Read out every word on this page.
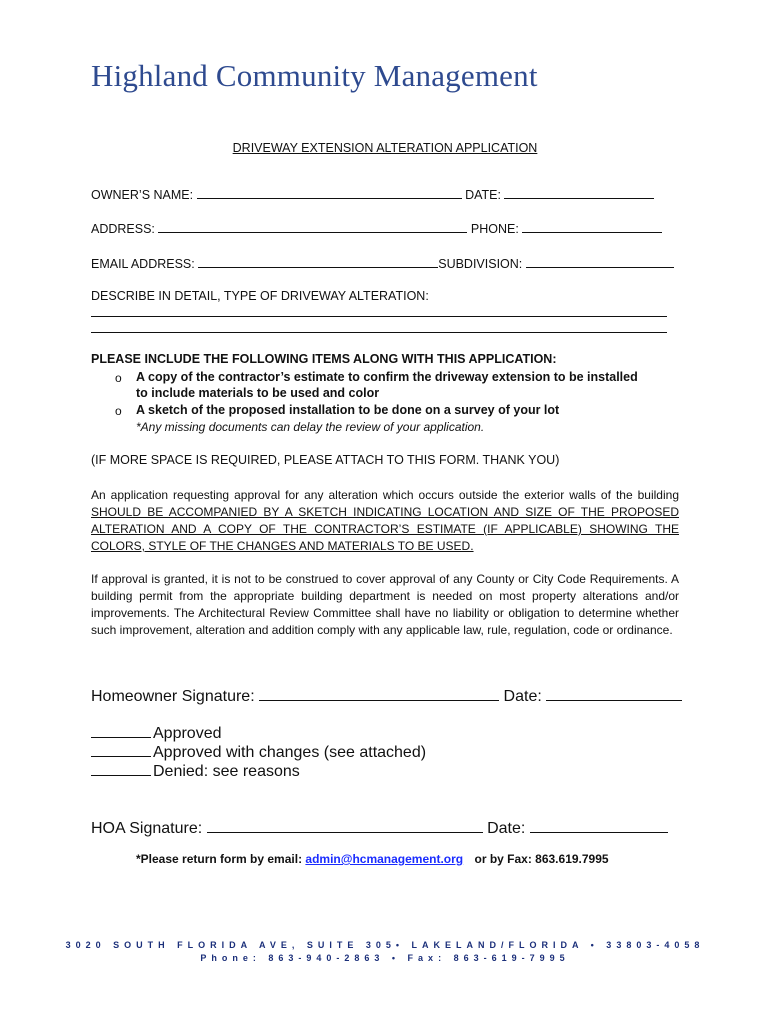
Highland Community Management
DRIVEWAY EXTENSION ALTERATION APPLICATION
OWNER’S NAME:	DATE:
ADDRESS:	PHONE:
EMAIL ADDRESS:	SUBDIVISION:
DESCRIBE IN DETAIL, TYPE OF DRIVEWAY ALTERATION:
PLEASE INCLUDE THE FOLLOWING ITEMS ALONG WITH THIS APPLICATION:
o A copy of the contractor’s estimate to confirm the driveway extension to be installed
to include materials to be used and color
o A sketch of the proposed installation to be done on a survey of your lot
*Any missing documents can delay the review of your application.
(IF MORE SPACE IS REQUIRED, PLEASE ATTACH TO THIS FORM. THANK YOU)
An application requesting approval for any alteration which occurs outside the exterior walls of the building SHOULD BE ACCOMPANIED BY A SKETCH INDICATING LOCATION AND SIZE OF THE PROPOSED ALTERATION AND A COPY OF THE CONTRACTOR’S ESTIMATE (IF APPLICABLE) SHOWING THE COLORS, STYLE OF THE CHANGES AND MATERIALS TO BE USED.
If approval is granted, it is not to be construed to cover approval of any County or City Code Requirements. A building permit from the appropriate building department is needed on most property alterations and/or improvements. The Architectural Review Committee shall have no liability or obligation to determine whether such improvement, alteration and addition comply with any applicable law, rule, regulation, code or ordinance.
Homeowner Signature:	Date:
Approved
Approved with changes (see attached)
Denied: see reasons
HOA Signature:	Date:
*Please return form by email: admin@hcmanagement.org or by Fax: 863.619.7995
3020 SOUTH FLORIDA AVE, SUITE 305• LAKELAND/FLORIDA • 33803-4058
Phone: 863-940-2863 • Fax: 863-619-7995
